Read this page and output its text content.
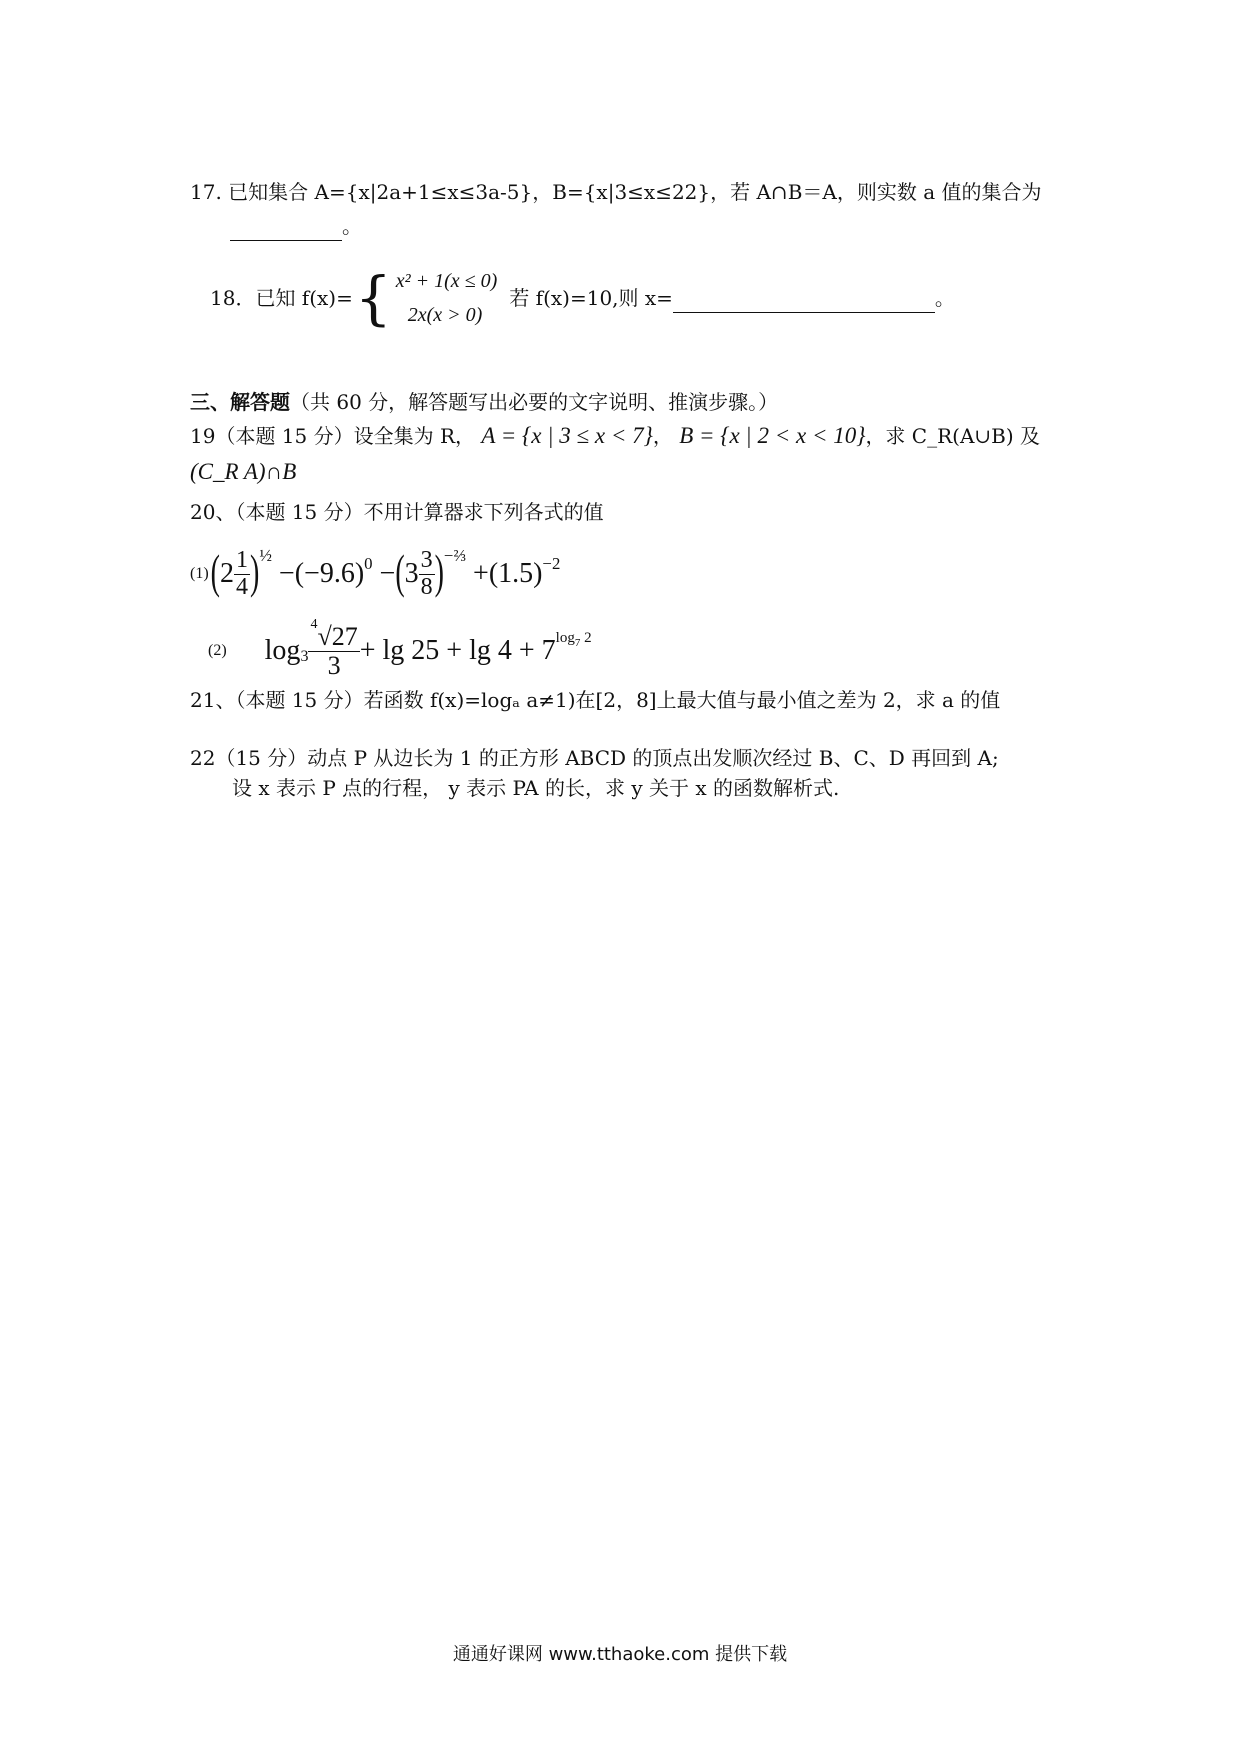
17. 已知集合 A={x|2a+1≤x≤3a-5}，B={x|3≤x≤22}，若 A∩B＝A，则实数 a 值的集合为
。
18．已知 f(x)= { x² + 1(x ≤ 0)
2x(x > 0)
若 f(x)=10,则 x=
	。
三、解答题（共 60 分，解答题写出必要的文字说明、推演步骤。）
19（本题 15 分）设全集为 R， A = {x | 3 ≤ x < 7}， B = {x | 2 < x < 10}，求 C_R(A∪B) 及
(C_R A)∩B
20、（本题 15 分）不用计算器求下列各式的值
(1) ( $2 \frac{1}{4} )^{\frac{1}{2}}$
$-(-9.6)^0$ − ( $3 \frac{3}{8} )^{-\frac{2}{3}}$
$+(1.5)^{-2}$
(2) $\log_3 \frac{^4√27}{3} + \lg 25 + \lg 4 + 7^{log_7 2}$
21、（本题 15 分）若函数 f(x)=logₐ a≠1)在[2，8]上最大值与最小值之差为 2，求 a 的值
22（15 分）动点 P 从边长为 1 的正方形 ABCD 的顶点出发顺次经过 B、C、D 再回到 A;
设 x 表示 P 点的行程， y 表示 PA 的长，求 y 关于 x 的函数解析式.
通通好课网 www.tthaoke.com 提供下载
